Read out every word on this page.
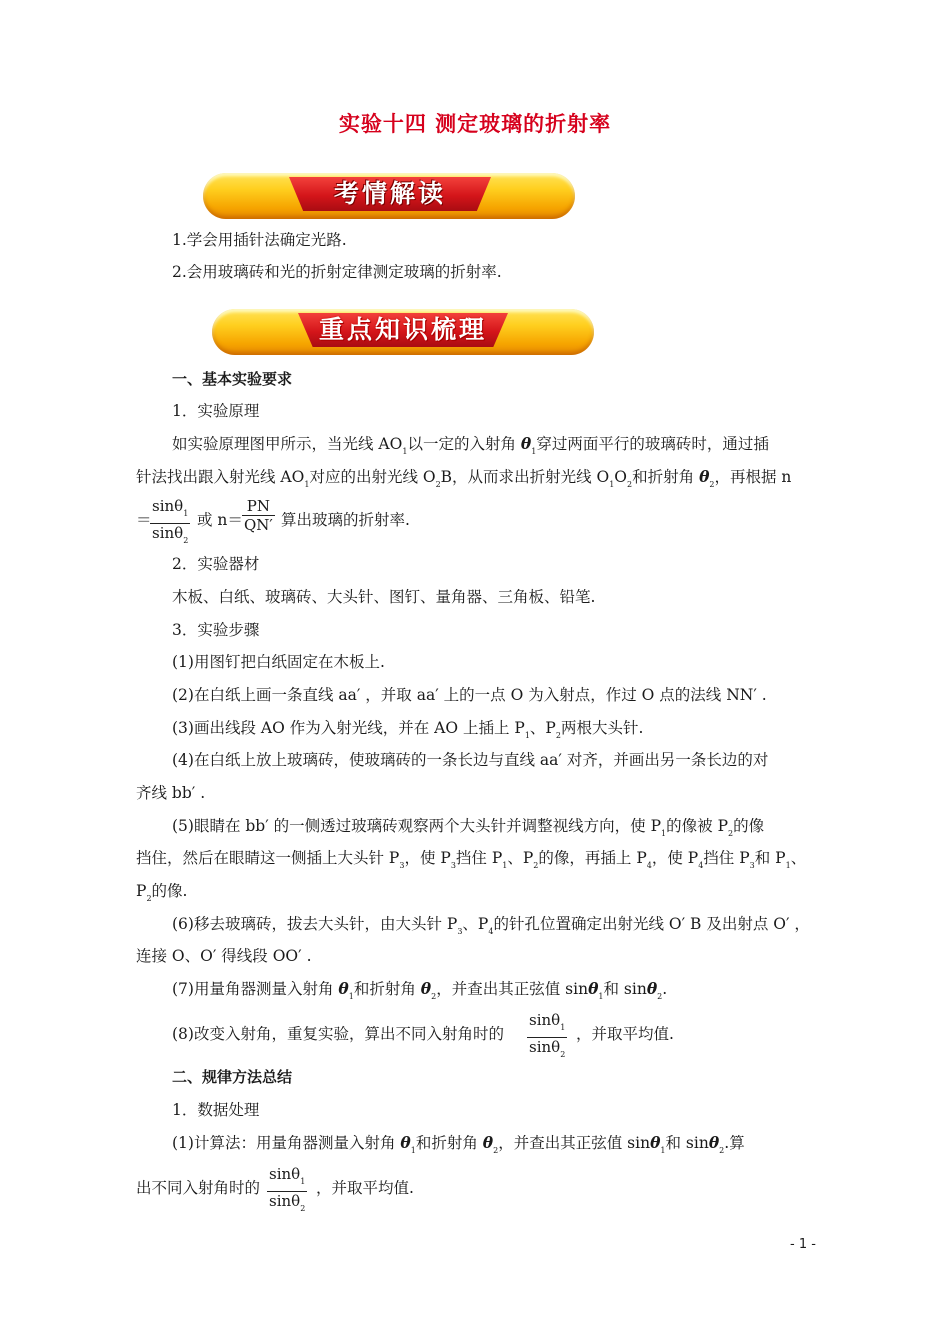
实验十四 测定玻璃的折射率
考情解读
1.学会用插针法确定光路.
2.会用玻璃砖和光的折射定律测定玻璃的折射率.
重点知识梳理
一、基本实验要求
1．实验原理
如实验原理图甲所示，当光线 $AO_1$以一定的入射角 $\theta_1$穿过两面平行的玻璃砖时，通过插
针法找出跟入射光线 $AO_1$对应的出射光线 $O_2B$，从而求出折射光线 $O_1O_2$和折射角 $\theta_2$，再根据 n
＝
$\frac{\sin\theta_1}{\sin\theta_2}$ 或 $n= \frac{PN}{QN'}$ 算出玻璃的折射率.
2．实验器材
木板、白纸、玻璃砖、大头针、图钉、量角器、三角板、铅笔.
3．实验步骤
(1)用图钉把白纸固定在木板上.
(2)在白纸上画一条直线 aa′ ，并取 aa′ 上的一点 O 为入射点，作过 O 点的法线 NN′ .
(3)画出线段 AO 作为入射光线，并在 AO 上插上 $P_1$、$P_2$两根大头针.
(4)在白纸上放上玻璃砖，使玻璃砖的一条长边与直线 aa′ 对齐，并画出另一条长边的对
齐线 bb′ .
(5)眼睛在 bb′ 的一侧透过玻璃砖观察两个大头针并调整视线方向，使 $P_1$的像被 $P_2$的像
挡住，然后在眼睛这一侧插上大头针 $P_3$，使 $P_3$挡住 $P_1$、$P_2$的像，再插上 $P_4$，使 $P_4$挡住 $P_3$和 $P_1$、
$P_2$的像.
(6)移去玻璃砖，拔去大头针，由大头针 $P_3$、$P_4$的针孔位置确定出射光线 O′ B 及出射点 O′ ，
连接 O、O′ 得线段 OO′ .
(7)用量角器测量入射角 $\theta_1$和折射角 $\theta_2$，并查出其正弦值 sinθ$_1$和 sinθ$_2$.
(8)改变入射角，重复实验，算出不同入射角时的 $\frac{\sin\theta_1}{\sin\theta_2}$ ，并取平均值.
二、规律方法总结
1．数据处理
(1)计算法：用量角器测量入射角 $\theta_1$和折射角 $\theta_2$，并查出其正弦值 sinθ$_1$和 sinθ$_2$.算
出不同入射角时的 $\frac{\sin\theta_1}{\sin\theta_2}$ ，并取平均值.
- 1 -
